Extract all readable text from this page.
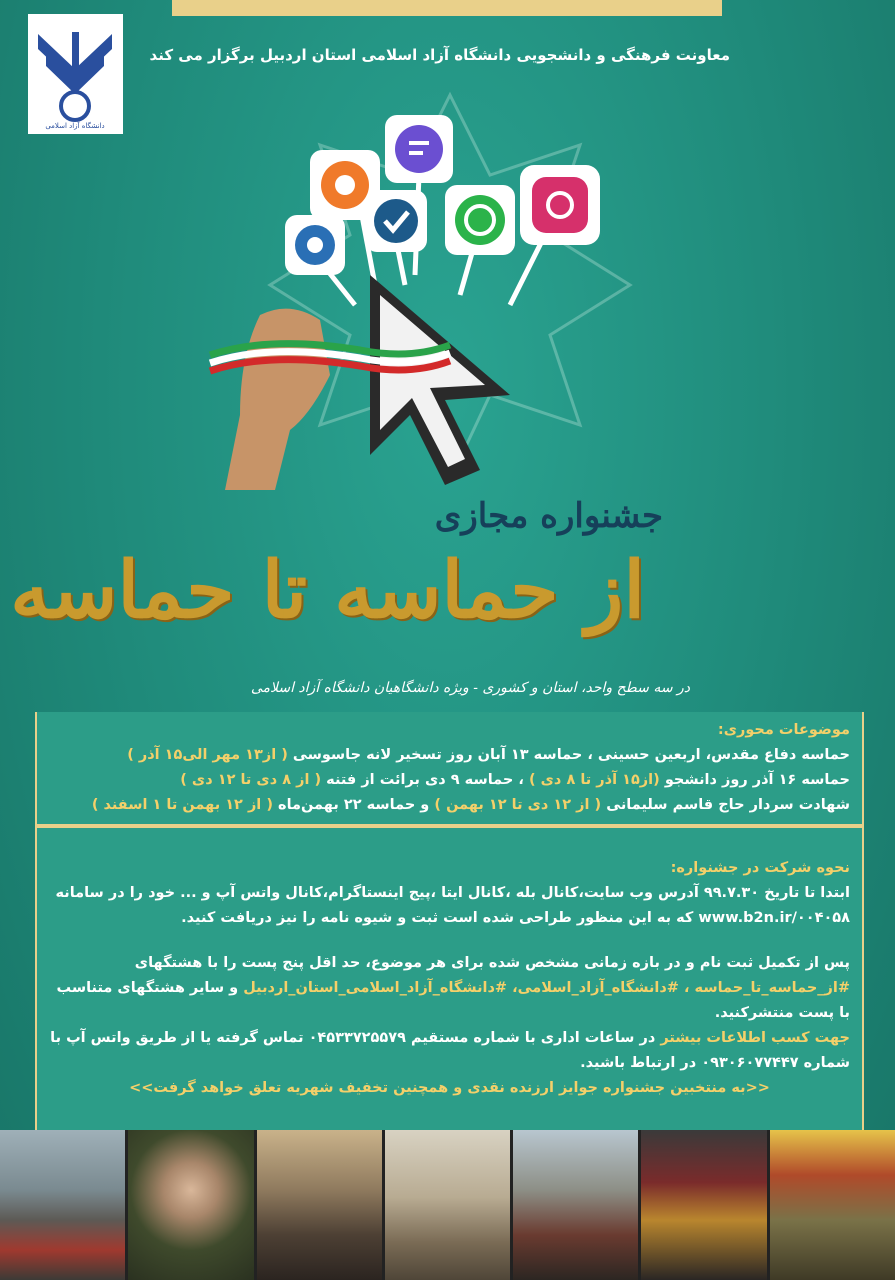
دانشگاه آزاد اسلامی
معاونت فرهنگی و دانشجویی دانشگاه آزاد اسلامی استان اردبیل برگزار می کند
جشنواره مجازی
از حماسه تا حماسه
در سه سطح واحد، استان و کشوری - ویژه دانشگاهیان دانشگاه آزاد اسلامی
موضوعات محوری:
حماسه دفاع مقدس، اربعین حسینی ، حماسه ۱۳ آبان روز تسخیر لانه جاسوسی ( از۱۳ مهر الی۱۵ آذر )
حماسه ۱۶ آذر روز دانشجو (از۱۵ آذر تا ۸ دی ) ، حماسه ۹ دی برائت از فتنه ( از ۸ دی تا ۱۲ دی )
شهادت سردار حاج قاسم سلیمانی ( از ۱۲ دی تا ۱۲ بهمن ) و حماسه ۲۲ بهمن‌ماه ( از ۱۲ بهمن تا ۱ اسفند )
نحوه شرکت در جشنواره:
ابتدا تا تاریخ ۹۹.۷.۳۰ آدرس وب سایت،کانال بله ،کانال ایتا ،پیج اینستاگرام،کانال واتس آپ و ... خود را در سامانه www.b2n.ir/۰۰۴۰۵۸ که به این منظور طراحی شده است ثبت و شیوه نامه را نیز دریافت کنید.
پس از تکمیل ثبت نام و در بازه زمانی مشخص شده برای هر موضوع، حد اقل پنج پست را با هشتگهای #از_حماسه_تا_حماسه ، #دانشگاه_آزاد_اسلامی، #دانشگاه_آزاد_اسلامی_استان_اردبیل و سایر هشتگهای متناسب با پست منتشرکنید.
جهت کسب اطلاعات بیشتر در ساعات اداری با شماره مستقیم ۰۴۵۳۳۷۲۵۵۷۹ تماس گرفته یا از طریق واتس آپ با شماره ۰۹۳۰۶۰۷۷۴۴۷ در ارتباط باشید.
<<به منتخبین جشنواره جوایز ارزنده نقدی و همچنین تخفیف شهریه تعلق خواهد گرفت>>
